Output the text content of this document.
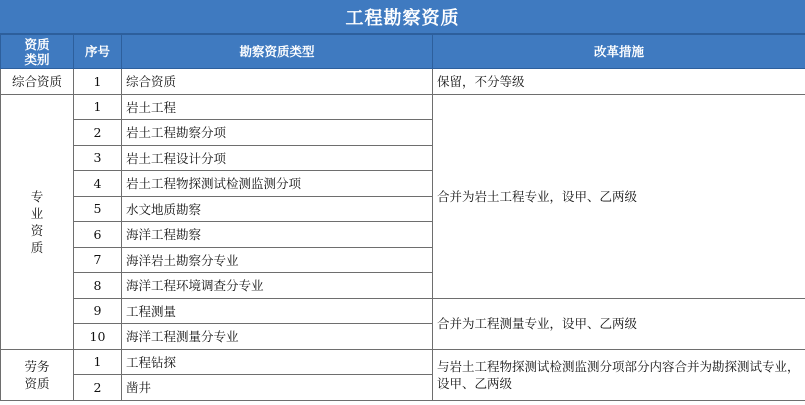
工程勘察资质
资质
类别	序号	勘察资质类型	改革措施
综合资质	1	综合资质	保留，不分等级
专
业
资
质	1	岩土工程	合并为岩土工程专业，设甲、乙两级
	2	岩土工程勘察分项	
	3	岩土工程设计分项	
	4	岩土工程物探测试检测监测分项	
	5	水文地质勘察	
	6	海洋工程勘察	
	7	海洋岩土勘察分专业	
	8	海洋工程环境调查分专业	
	9	工程测量	合并为工程测量专业，设甲、乙两级
	10	海洋工程测量分专业	
劳务
资质	1	工程钻探	与岩土工程物探测试检测监测分项部分内容合并为勘探测试专业，设甲、乙两级
	2	凿井	
